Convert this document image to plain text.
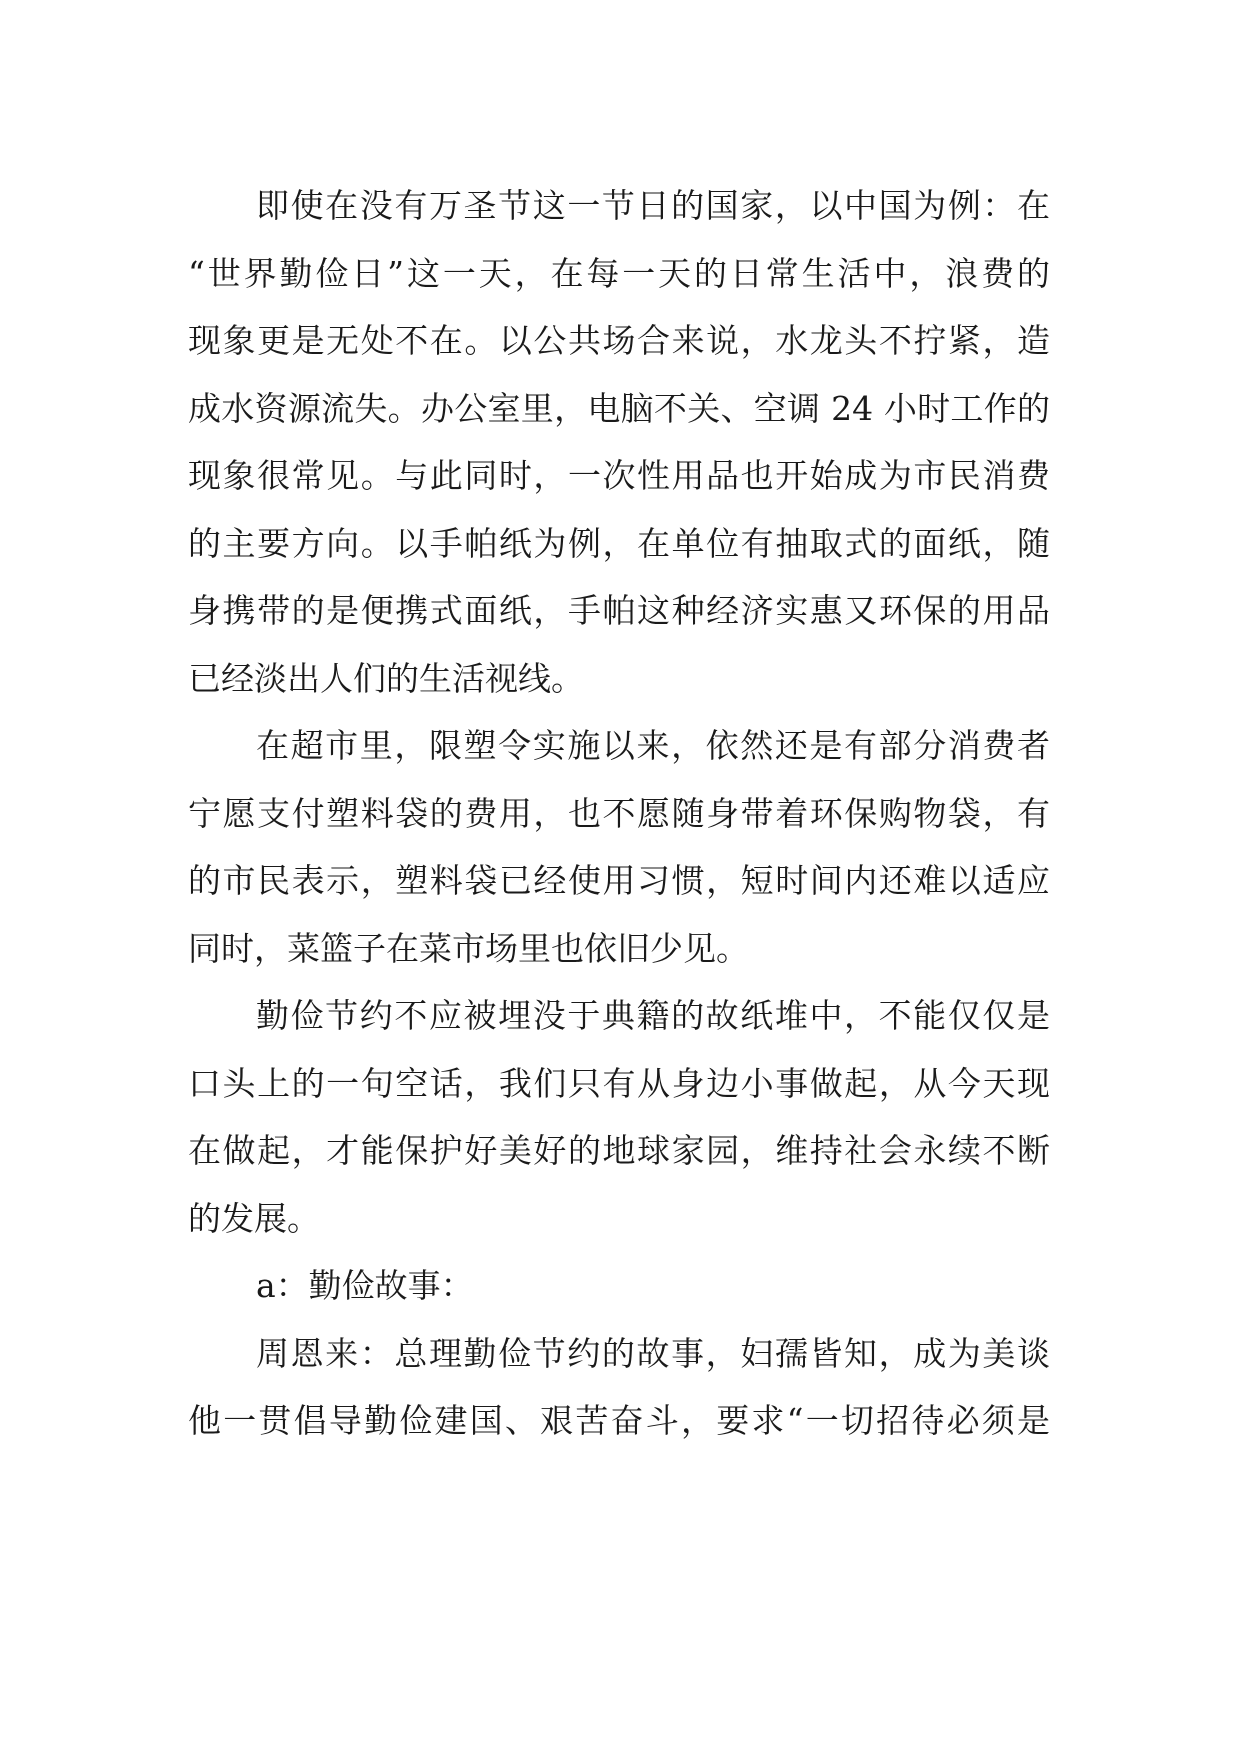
即使在没有万圣节这一节日的国家，以中国为例：在
“世界勤俭日”这一天，在每一天的日常生活中，浪费的
现象更是无处不在。以公共场合来说，水龙头不拧紧，造
成水资源流失。办公室里，电脑不关、空调 24 小时工作的
现象很常见。与此同时，一次性用品也开始成为市民消费
的主要方向。以手帕纸为例，在单位有抽取式的面纸，随
身携带的是便携式面纸，手帕这种经济实惠又环保的用品
已经淡出人们的生活视线。
在超市里，限塑令实施以来，依然还是有部分消费者
宁愿支付塑料袋的费用，也不愿随身带着环保购物袋，有
的市民表示，塑料袋已经使用习惯，短时间内还难以适应
同时，菜篮子在菜市场里也依旧少见。
勤俭节约不应被埋没于典籍的故纸堆中，不能仅仅是
口头上的一句空话，我们只有从身边小事做起，从今天现
在做起，才能保护好美好的地球家园，维持社会永续不断
的发展。
a：勤俭故事：
周恩来：总理勤俭节约的故事，妇孺皆知，成为美谈
他一贯倡导勤俭建国、艰苦奋斗，要求“一切招待必须是
